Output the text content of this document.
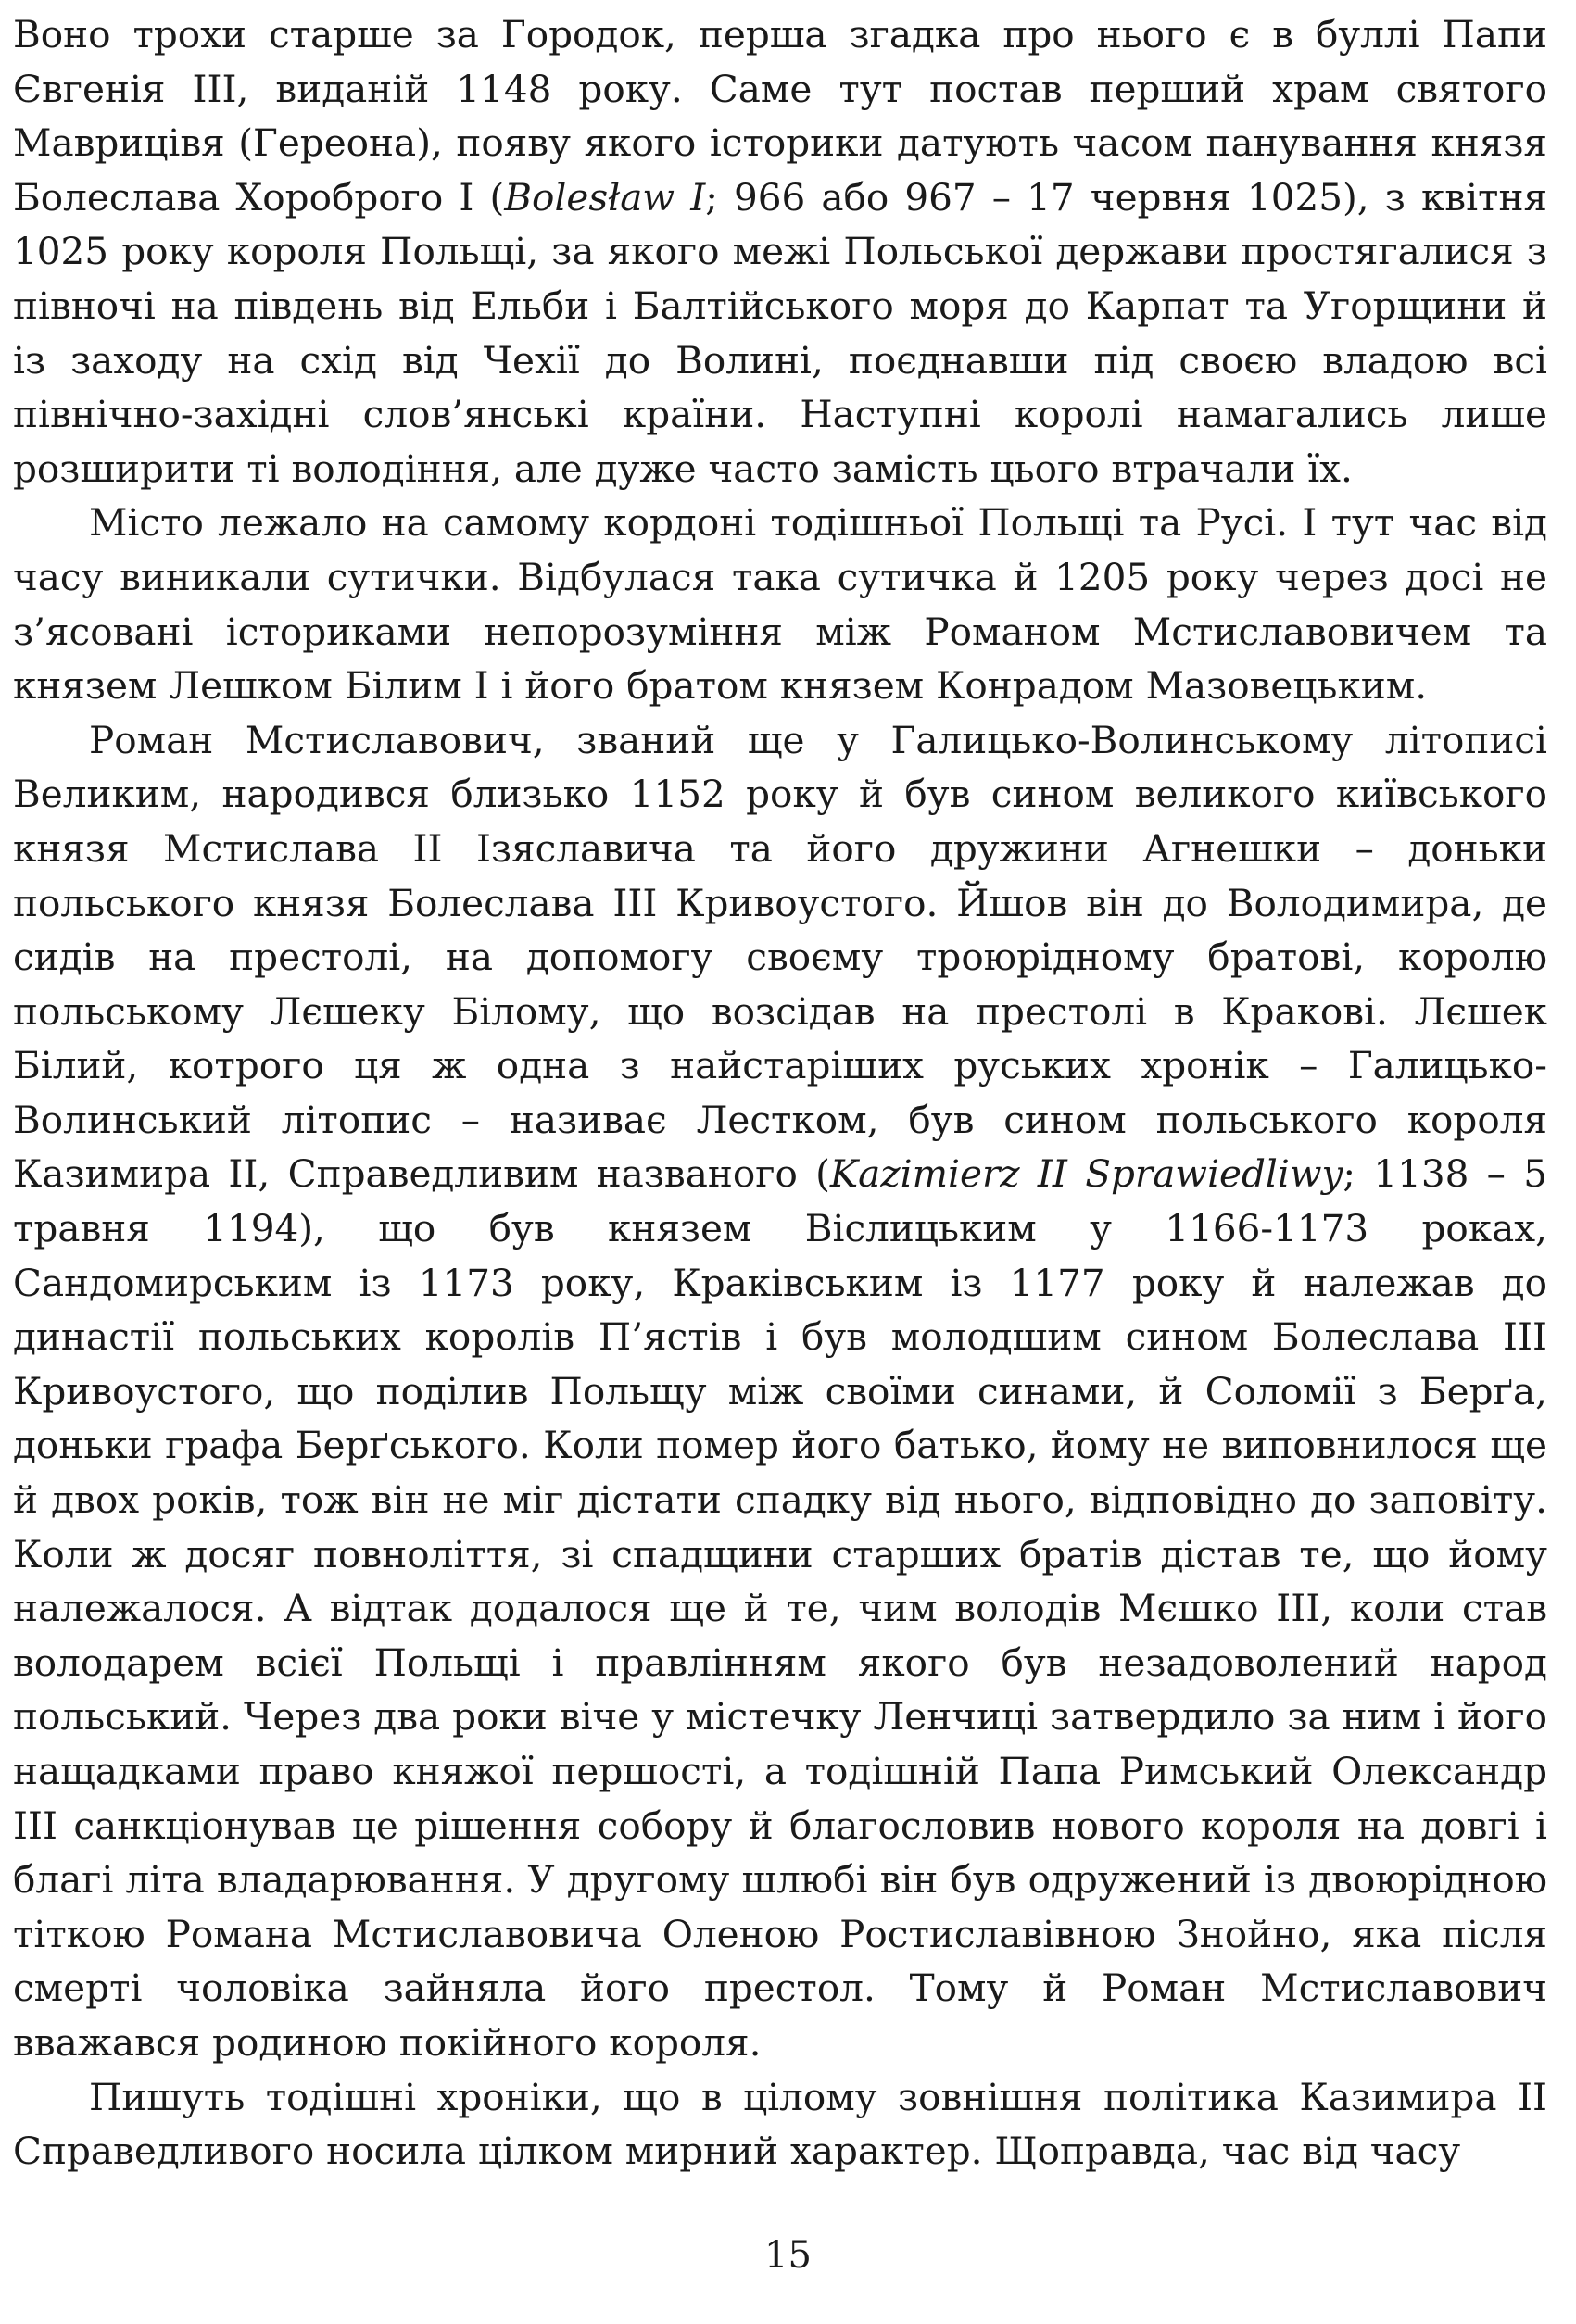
Воно трохи старше за Городок, перша згадка про нього є в буллі Папи Євгенія III, виданій 1148 року. Саме тут постав перший храм святого Маврицівя (Гереона), появу якого історики датують часом панування князя Болеслава Хороброго I (Bolesław I; 966 або 967 – 17 червня 1025), з квітня 1025 року короля Польщі, за якого межі Польської держави простягалися з півночі на південь від Ельби і Балтійського моря до Карпат та Угорщини й із заходу на схід від Чехії до Волині, поєднавши під своєю владою всі північно-західні слов’янські країни. Наступні королі намагались лише розширити ті володіння, але дуже часто замість цього втрачали їх.

Місто лежало на самому кордоні тодішньої Польщі та Русі. І тут час від часу виникали сутички. Відбулася така сутичка й 1205 року через досі не з’ясовані істориками непорозуміння між Романом Мстиславовичем та князем Лешком Білим I і його братом князем Конрадом Мазовецьким.

Роман Мстиславович, званий ще у Галицько-Волинському літописі Великим, народився близько 1152 року й був сином великого київського князя Мстислава II Ізяславича та його дружини Агнешки – доньки польського князя Болеслава III Кривоустого. Йшов він до Володимира, де сидів на престолі, на допомогу своєму троюрідному братові, королю польському Лєшеку Білому, що возсідав на престолі в Кракові. Лєшек Білий, котрого ця ж одна з найстаріших руських хронік – Галицько-Волинський літопис – називає Лестком, був сином польського короля Казимира II, Справедливим названого (Kazimierz II Sprawiedliwy; 1138 – 5 травня 1194), що був князем Віслицьким у 1166-1173 роках, Сандомирським із 1173 року, Краківським із 1177 року й належав до династії польських королів П’ястів і був молодшим сином Болеслава III Кривоустого, що поділив Польщу між своїми синами, й Соломії з Берґа, доньки графа Берґського. Коли помер його батько, йому не виповнилося ще й двох років, тож він не міг дістати спадку від нього, відповідно до заповіту. Коли ж досяг повноліття, зі спадщини старших братів дістав те, що йому належалося. А відтак додалося ще й те, чим володів Мєшко III, коли став володарем всієї Польщі і правлінням якого був незадоволений народ польський. Через два роки віче у містечку Ленчиці затвердило за ним і його нащадками право княжої першості, а тодішній Папа Римський Олександр III санкціонував це рішення собору й благословив нового короля на довгі і благі літа владарювання. У другому шлюбі він був одружений із двоюрідною тіткою Романа Мстиславовича Оленою Ростиславівною Знойно, яка після смерті чоловіка зайняла його престол. Тому й Роман Мстиславович вважався родиною покійного короля.

Пишуть тодішні хроніки, що в цілому зовнішня політика Казимира II Справедливого носила цілком мирний характер. Щоправда, час від часу

15
